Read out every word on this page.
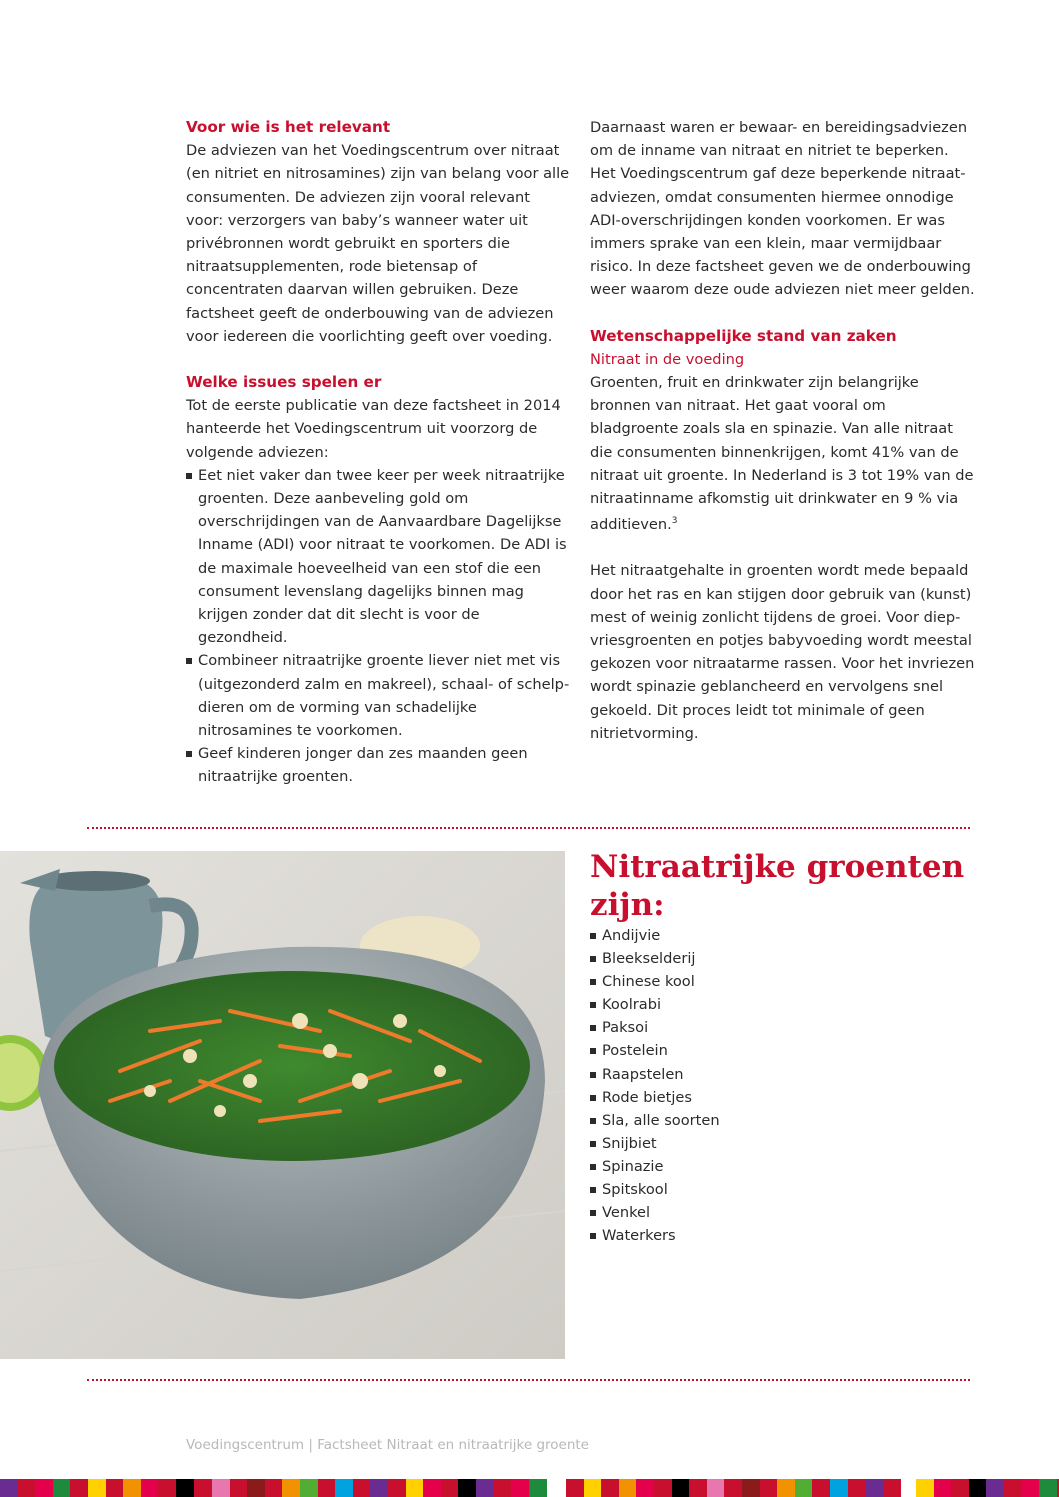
Voor wie is het relevant

De adviezen van het Voedingscentrum over nitraat (en nitriet en nitrosamines) zijn van belang voor alle consumenten. De adviezen zijn vooral relevant voor: verzorgers van baby’s wanneer water uit privébronnen wordt gebruikt en sporters die nitraatsupplementen, rode bietensap of concentraten daarvan willen gebruiken. Deze factsheet geeft de onderbouwing van de adviezen voor iedereen die voorlichting geeft over voeding.

Welke issues spelen er

Tot de eerste publicatie van deze factsheet in 2014 hanteerde het Voedingscentrum uit voorzorg de volgende adviezen:

Eet niet vaker dan twee keer per week nitraatrijke groenten. Deze aanbeveling gold om overschrijdingen van de Aanvaardbare Dagelijkse Inname (ADI) voor nitraat te voorkomen. De ADI is de maximale hoeveelheid van een stof die een consument levenslang dagelijks binnen mag krijgen zonder dat dit slecht is voor de gezondheid.
Combineer nitraatrijke groente liever niet met vis (uitgezonderd zalm en makreel), schaal- of schelpdieren om de vorming van schadelijke nitrosamines te voorkomen.
Geef kinderen jonger dan zes maanden geen nitraatrijke groenten.

Daarnaast waren er bewaar- en bereidingsadviezen om de inname van nitraat en nitriet te beperken. Het Voedingscentrum gaf deze beperkende nitraatadviezen, omdat consumenten hiermee onnodige ADI-overschrijdingen konden voorkomen. Er was immers sprake van een klein, maar vermijdbaar risico. In deze factsheet geven we de onderbouwing weer waarom deze oude adviezen niet meer gelden.

Wetenschappelijke stand van zaken

Nitraat in de voeding

Groenten, fruit en drinkwater zijn belangrijke bronnen van nitraat. Het gaat vooral om bladgroente zoals sla en spinazie. Van alle nitraat die consumenten binnenkrijgen, komt 41% van de nitraat uit groente. In Nederland is 3 tot 19% van de nitraatinname afkomstig uit drinkwater en 9 % via additieven.$^3$

Het nitraatgehalte in groenten wordt mede bepaald door het ras en kan stijgen door gebruik van (kunst) mest of weinig zonlicht tijdens de groei. Voor diepvriesgroenten en potjes babyvoeding wordt meestal gekozen voor nitraatarme rassen. Voor het invriezen wordt spinazie geblancheerd en vervolgens snel gekoeld. Dit proces leidt tot minimale of geen nitrietvorming.

Nitraatrijke groenten
zijn:
Andijvie
Bleekselderij
Chinese kool
Koolrabi
Paksoi
Postelein
Raapstelen
Rode bietjes
Sla, alle soorten
Snijbiet
Spinazie
Spitskool
Venkel
Waterkers
Voedingscentrum | Factsheet Nitraat en nitraatrijke groente
